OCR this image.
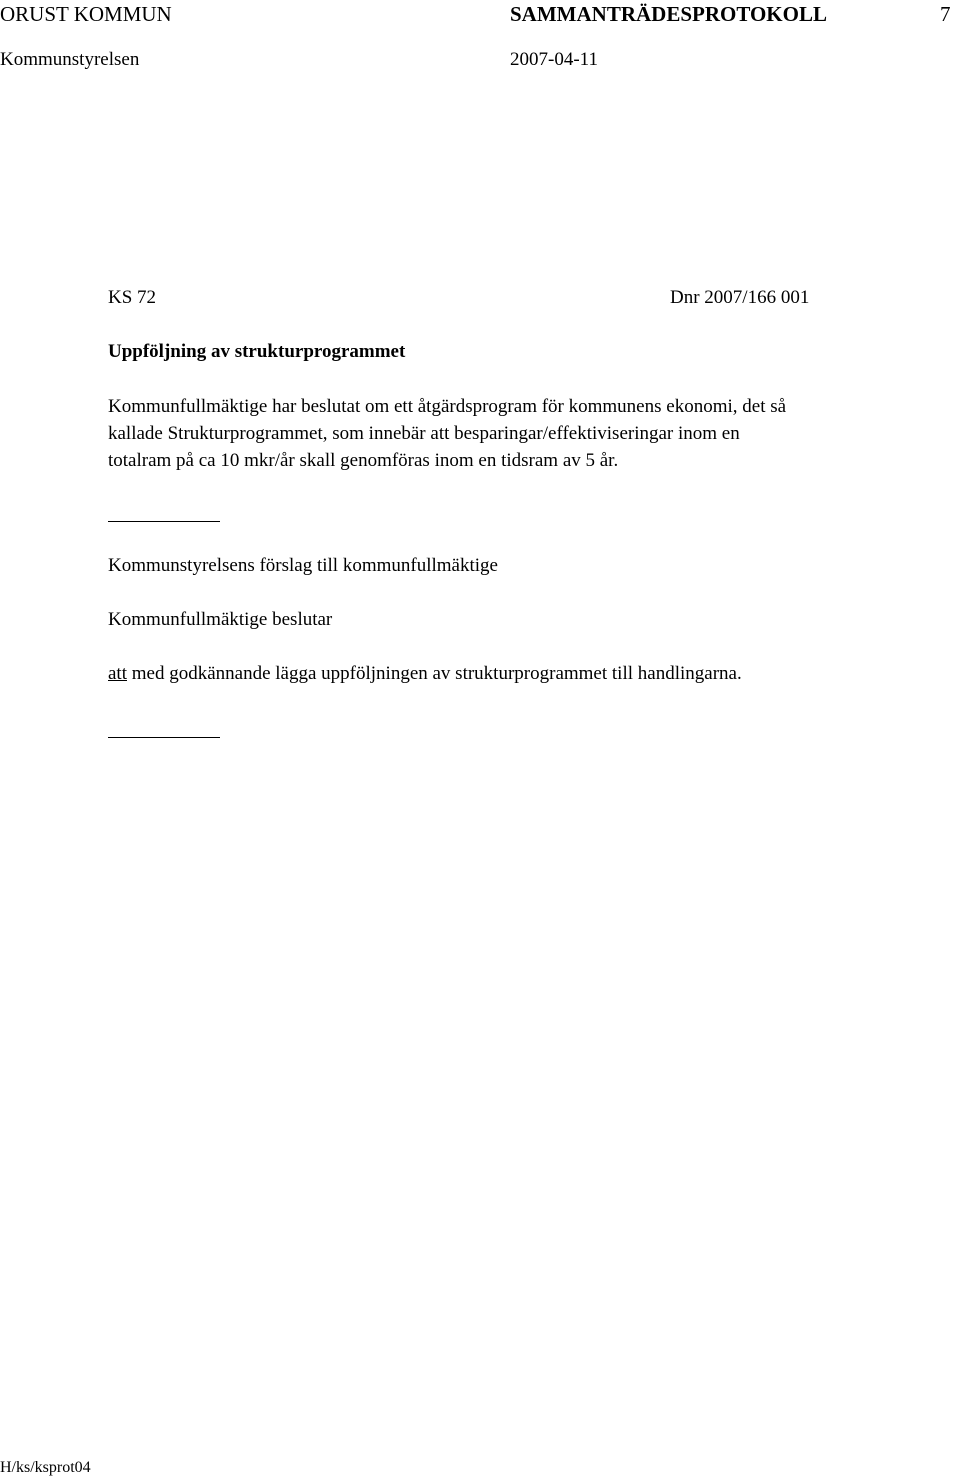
ORUST KOMMUN	SAMMANTRÄDESPROTOKOLL	7
Kommunstyrelsen	2007-04-11
KS 72	Dnr 2007/166 001
Uppföljning av strukturprogrammet
Kommunfullmäktige har beslutat om ett åtgärdsprogram för kommunens ekonomi, det så
kallade Strukturprogrammet, som innebär att besparingar/effektiviseringar inom en
totalram på ca 10 mkr/år skall genomföras inom en tidsram av 5 år.
Kommunstyrelsens förslag till kommunfullmäktige
Kommunfullmäktige beslutar
att med godkännande lägga uppföljningen av strukturprogrammet till handlingarna.
H/ks/ksprot04
